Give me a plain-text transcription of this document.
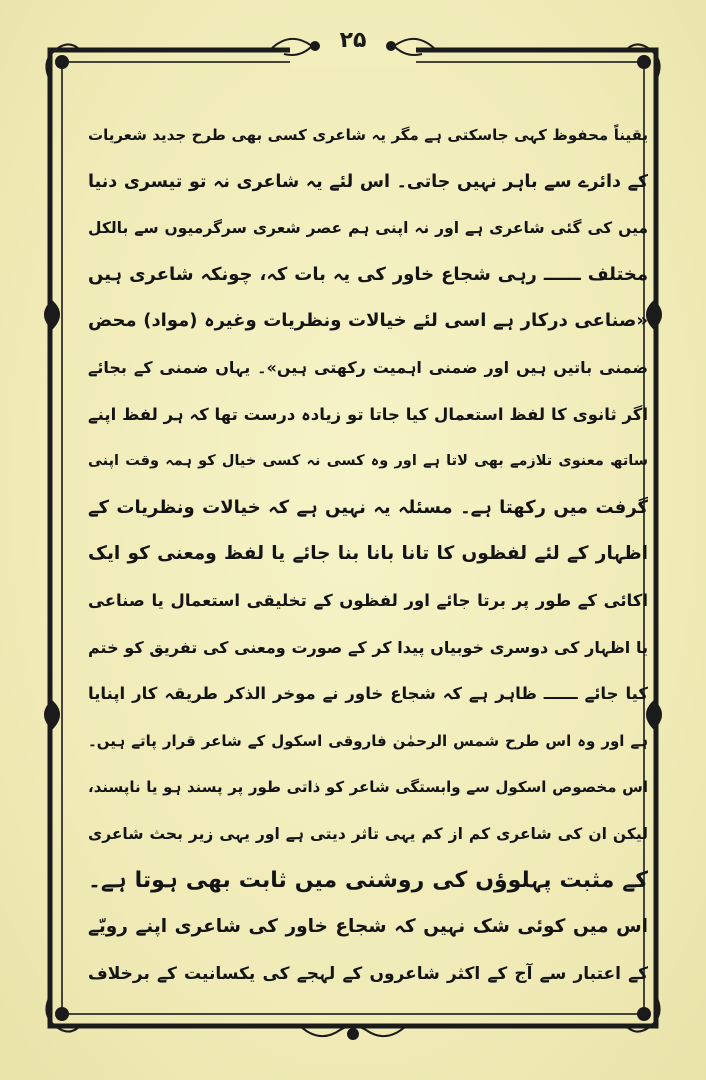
۲۵
یقیناً محفوظ کہی جاسکتی ہے مگر یہ شاعری کسی بھی طرح جدید شعریات
کے دائرے سے باہر نہیں جاتی۔ اس لئے یہ شاعری نہ تو تیسری دنیا
میں کی گئی شاعری ہے اور نہ اپنی ہم عصر شعری سرگرمیوں سے بالکل
مختلف ــــــ رہی شجاع خاور کی یہ بات کہ، چونکہ شاعری ہیں
«صناعی درکار ہے اسی لئے خیالات ونظریات وغیرہ (مواد) محض
ضمنی باتیں ہیں اور ضمنی اہمیت رکھتی ہیں»۔ یہاں ضمنی کے بجائے
اگر ثانوی کا لفظ استعمال کیا جاتا تو زیادہ درست تھا کہ ہر لفظ اپنے
ساتھ معنوی تلازمے بھی لاتا ہے اور وہ کسی نہ کسی خیال کو ہمہ وقت اپنی
گرفت میں رکھتا ہے۔ مسئلہ یہ نہیں ہے کہ خیالات ونظریات کے
اظہار کے لئے لفظوں کا تانا بانا بنا جائے یا لفظ ومعنی کو ایک
اکائی کے طور پر برتا جائے اور لفظوں کے تخلیقی استعمال یا صناعی
یا اظہار کی دوسری خوبیاں پیدا کر کے صورت ومعنی کی تفریق کو ختم
کیا جائے ــــــ ظاہر ہے کہ شجاع خاور نے موخر الذکر طریقہ کار اپنایا
ہے اور وہ اس طرح شمس الرحمٰن فاروقی اسکول کے شاعر قرار پاتے ہیں۔
اس مخصوص اسکول سے وابستگی شاعر کو ذاتی طور پر پسند ہو یا ناپسند،
لیکن ان کی شاعری کم از کم یہی تاثر دیتی ہے اور یہی زیر بحث شاعری
کے مثبت پہلوؤں کی روشنی میں ثابت بھی ہوتا ہے۔
اس میں کوئی شک نہیں کہ شجاع خاور کی شاعری اپنے رویّے
کے اعتبار سے آج کے اکثر شاعروں کے لہجے کی یکسانیت کے برخلاف
